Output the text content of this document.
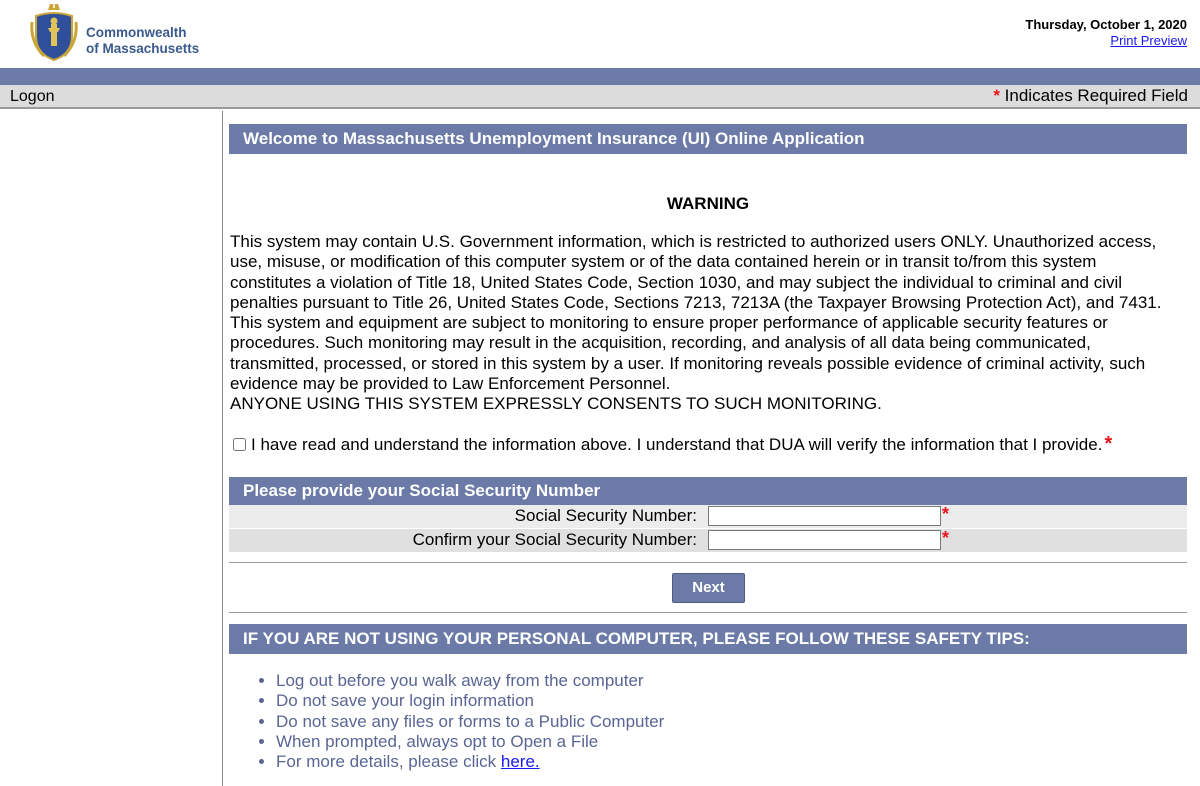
Commonwealth
of Massachusetts
Thursday, October 1, 2020
Print Preview
Logon	* Indicates Required Field
Welcome to Massachusetts Unemployment Insurance (UI) Online Application
WARNING
This system may contain U.S. Government information, which is restricted to authorized users ONLY. Unauthorized access, use, misuse, or modification of this computer system or of the data contained herein or in transit to/from this system constitutes a violation of Title 18, United States Code, Section 1030, and may subject the individual to criminal and civil penalties pursuant to Title 26, United States Code, Sections 7213, 7213A (the Taxpayer Browsing Protection Act), and 7431. This system and equipment are subject to monitoring to ensure proper performance of applicable security features or procedures. Such monitoring may result in the acquisition, recording, and analysis of all data being communicated, transmitted, processed, or stored in this system by a user. If monitoring reveals possible evidence of criminal activity, such evidence may be provided to Law Enforcement Personnel.
ANYONE USING THIS SYSTEM EXPRESSLY CONSENTS TO SUCH MONITORING.
I have read and understand the information above. I understand that DUA will verify the information that I provide. *
Please provide your Social Security Number
Social Security Number:	*
Confirm your Social Security Number:	*
Next
IF YOU ARE NOT USING YOUR PERSONAL COMPUTER, PLEASE FOLLOW THESE SAFETY TIPS:
• Log out before you walk away from the computer
• Do not save your login information
• Do not save any files or forms to a Public Computer
• When prompted, always opt to Open a File
• For more details, please click here.
